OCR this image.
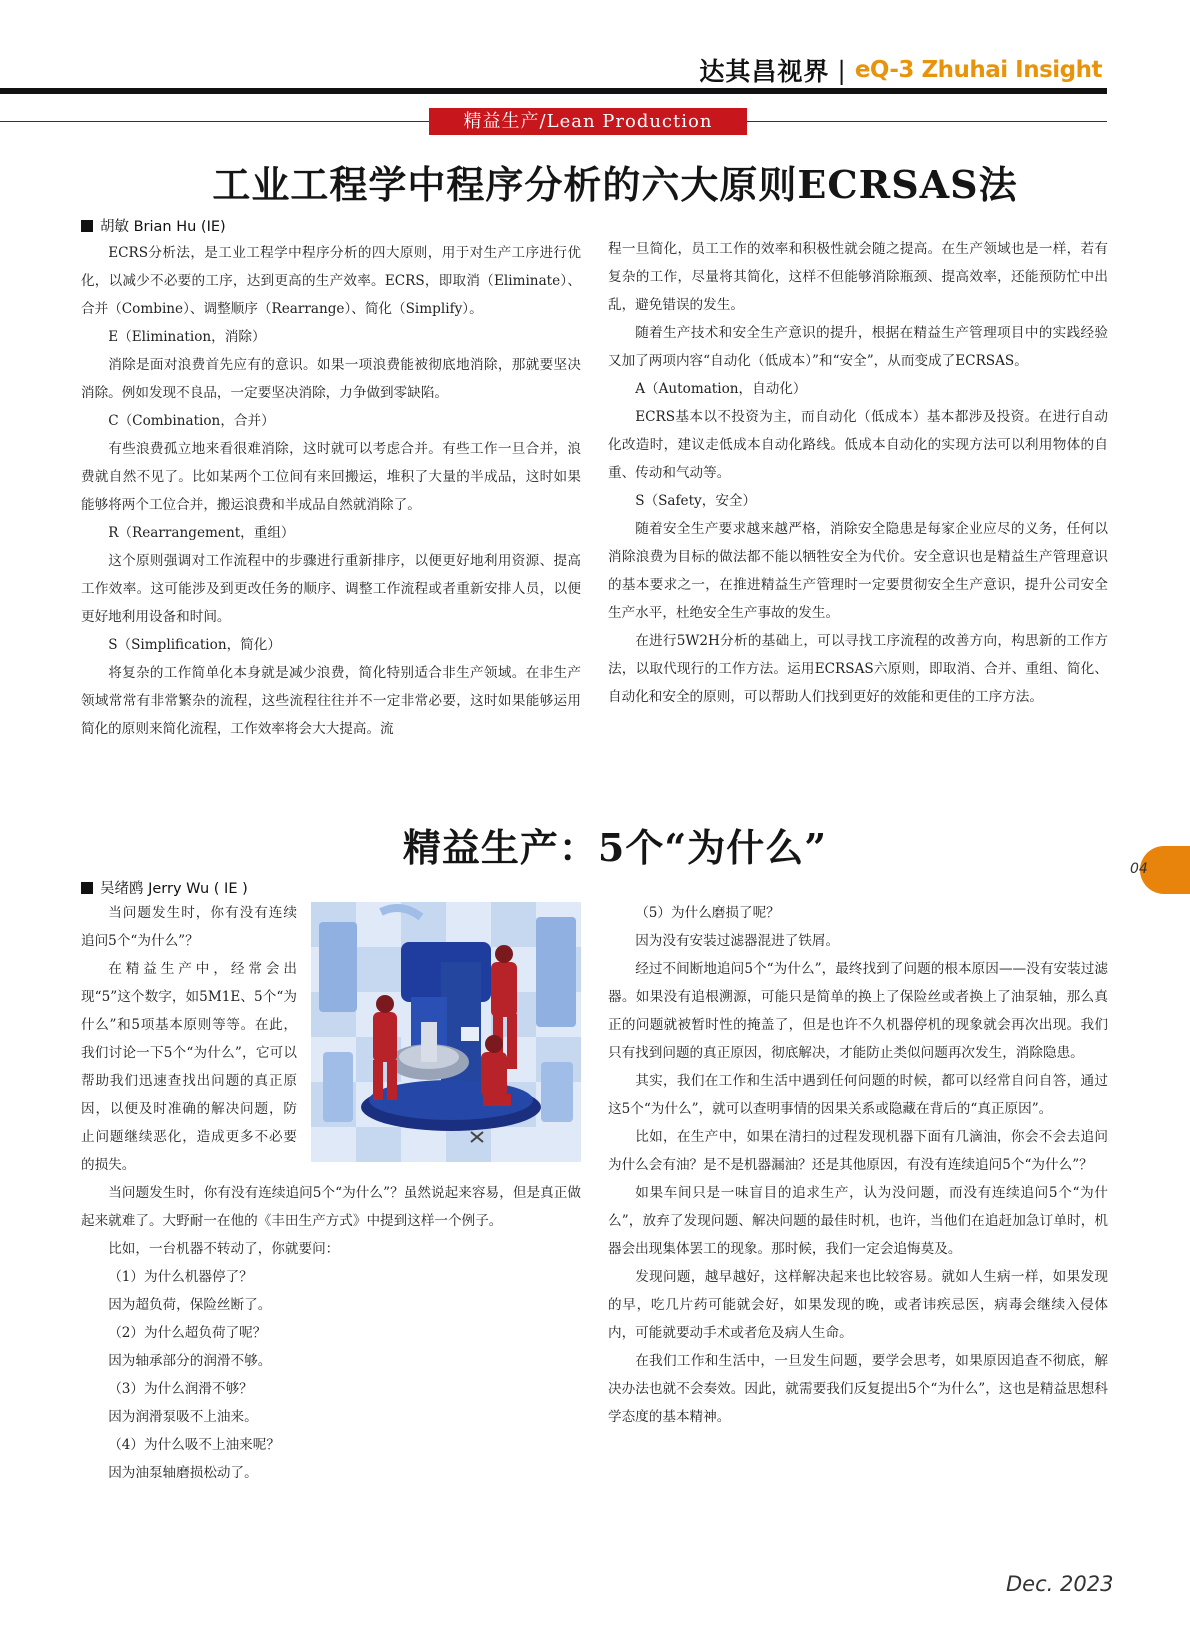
达其昌视界 | eQ-3 Zhuhai Insight
精益生产/Lean Production
工业工程学中程序分析的六大原则ECRSAS法
胡敏 Brian Hu (IE)

ECRS分析法，是工业工程学中程序分析的四大原则，用于对生产工序进行优化，以减少不必要的工序，达到更高的生产效率。ECRS，即取消（Eliminate）、合并（Combine）、调整顺序（Rearrange）、简化（Simplify）。

E（Elimination，消除）

消除是面对浪费首先应有的意识。如果一项浪费能被彻底地消除，那就要坚决消除。例如发现不良品，一定要坚决消除，力争做到零缺陷。

C（Combination，合并）

有些浪费孤立地来看很难消除，这时就可以考虑合并。有些工作一旦合并，浪费就自然不见了。比如某两个工位间有来回搬运，堆积了大量的半成品，这时如果能够将两个工位合并，搬运浪费和半成品自然就消除了。

R（Rearrangement，重组）

这个原则强调对工作流程中的步骤进行重新排序，以便更好地利用资源、提高工作效率。这可能涉及到更改任务的顺序、调整工作流程或者重新安排人员，以便更好地利用设备和时间。

S（Simplification，简化）

将复杂的工作简单化本身就是减少浪费，简化特别适合非生产领域。在非生产领域常常有非常繁杂的流程，这些流程往往并不一定非常必要，这时如果能够运用简化的原则来简化流程，工作效率将会大大提高。流

程一旦简化，员工工作的效率和积极性就会随之提高。在生产领域也是一样，若有复杂的工作，尽量将其简化，这样不但能够消除瓶颈、提高效率，还能预防忙中出乱，避免错误的发生。

随着生产技术和安全生产意识的提升，根据在精益生产管理项目中的实践经验又加了两项内容“自动化（低成本）”和“安全”，从而变成了ECRSAS。

A（Automation，自动化）

ECRS基本以不投资为主，而自动化（低成本）基本都涉及投资。在进行自动化改造时，建议走低成本自动化路线。低成本自动化的实现方法可以利用物体的自重、传动和气动等。

S（Safety，安全）

随着安全生产要求越来越严格，消除安全隐患是每家企业应尽的义务，任何以消除浪费为目标的做法都不能以牺牲安全为代价。安全意识也是精益生产管理意识的基本要求之一，在推进精益生产管理时一定要贯彻安全生产意识，提升公司安全生产水平，杜绝安全生产事故的发生。

在进行5W2H分析的基础上，可以寻找工序流程的改善方向，构思新的工作方法，以取代现行的工作方法。运用ECRSAS六原则，即取消、合并、重组、简化、自动化和安全的原则，可以帮助人们找到更好的效能和更佳的工序方法。

精益生产：5个“为什么”
吴绪鸥 Jerry Wu ( IE )

当问题发生时，你有没有连续追问5个“为什么”？

在精益生产中，经常会出现“5”这个数字，如5M1E、5个“为什么”和5项基本原则等等。在此，我们讨论一下5个“为什么”，它可以帮助我们迅速查找出问题的真正原因，以便及时准确的解决问题，防止问题继续恶化，造成更多不必要的损失。

当问题发生时，你有没有连续追问5个“为什么”？虽然说起来容易，但是真正做起来就难了。大野耐一在他的《丰田生产方式》中提到这样一个例子。

比如，一台机器不转动了，你就要问：

（1）为什么机器停了？

因为超负荷，保险丝断了。

（2）为什么超负荷了呢？

因为轴承部分的润滑不够。

（3）为什么润滑不够？

因为润滑泵吸不上油来。

（4）为什么吸不上油来呢？

因为油泵轴磨损松动了。

（5）为什么磨损了呢？

因为没有安装过滤器混进了铁屑。

经过不间断地追问5个“为什么”，最终找到了问题的根本原因——没有安装过滤器。如果没有追根溯源，可能只是简单的换上了保险丝或者换上了油泵轴，那么真正的问题就被暂时性的掩盖了，但是也许不久机器停机的现象就会再次出现。我们只有找到问题的真正原因，彻底解决，才能防止类似问题再次发生，消除隐患。

其实，我们在工作和生活中遇到任何问题的时候，都可以经常自问自答，通过这5个“为什么”，就可以查明事情的因果关系或隐藏在背后的“真正原因”。

比如，在生产中，如果在清扫的过程发现机器下面有几滴油，你会不会去追问为什么会有油？是不是机器漏油？还是其他原因，有没有连续追问5个“为什么”？

如果车间只是一味盲目的追求生产，认为没问题，而没有连续追问5个“为什么”，放弃了发现问题、解决问题的最佳时机，也许，当他们在追赶加急订单时，机器会出现集体罢工的现象。那时候，我们一定会追悔莫及。

发现问题，越早越好，这样解决起来也比较容易。就如人生病一样，如果发现的早，吃几片药可能就会好，如果发现的晚，或者讳疾忌医，病毒会继续入侵体内，可能就要动手术或者危及病人生命。

在我们工作和生活中，一旦发生问题，要学会思考，如果原因追查不彻底，解决办法也就不会奏效。因此，就需要我们反复提出5个“为什么”，这也是精益思想科学态度的基本精神。

04
Dec. 2023
